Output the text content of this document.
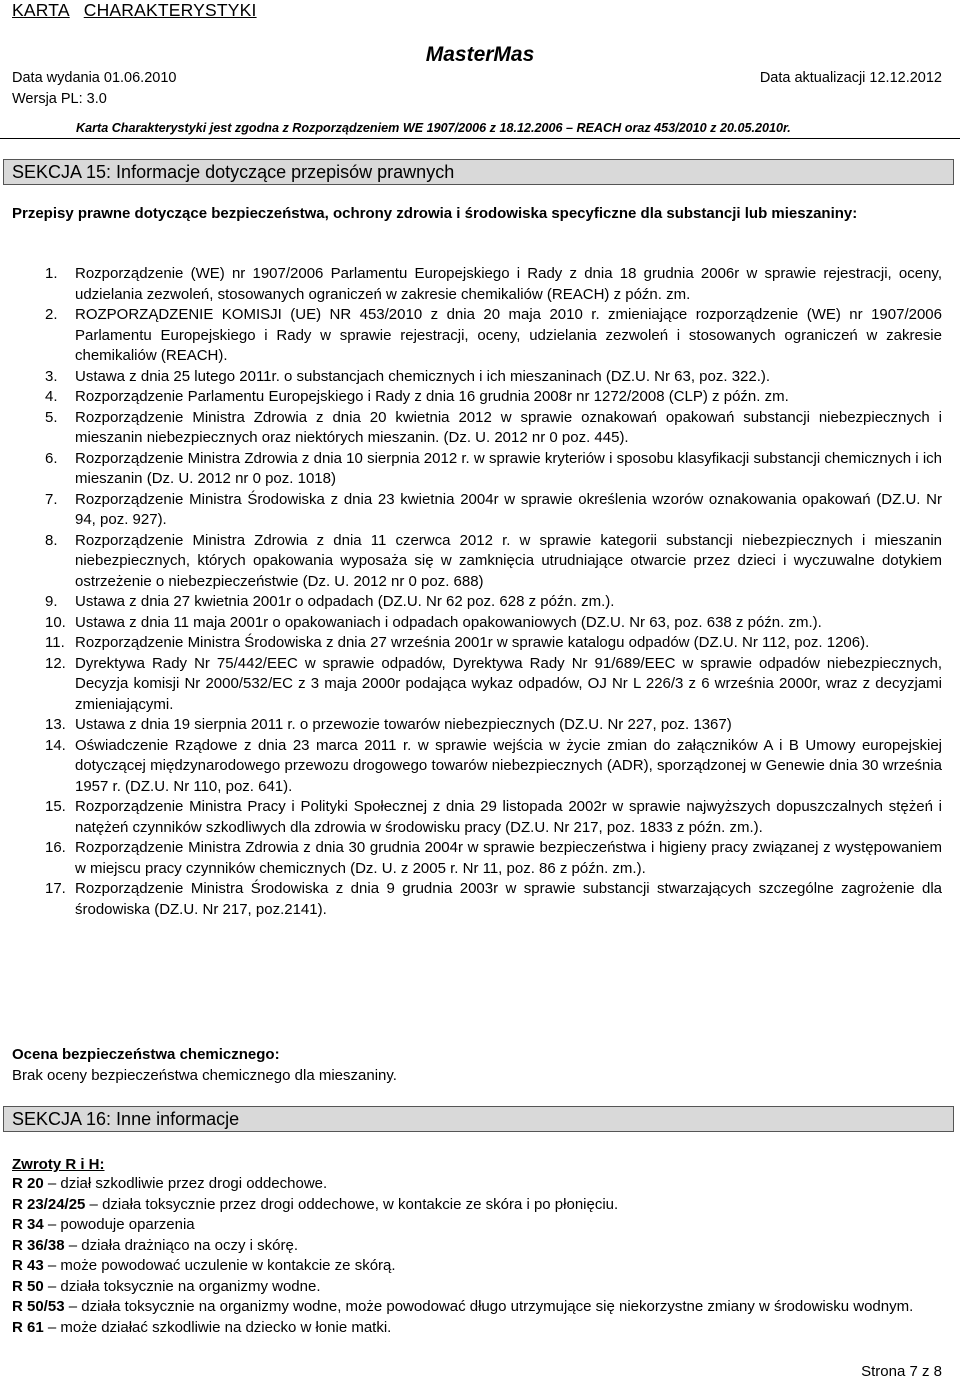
KARTA CHARAKTERYSTYKI
MasterMas
Data wydania 01.06.2010	Data aktualizacji 12.12.2012
Wersja PL: 3.0
Karta Charakterystyki jest zgodna z Rozporządzeniem WE 1907/2006 z 18.12.2006 – REACH oraz 453/2010 z 20.05.2010r.
SEKCJA 15: Informacje dotyczące przepisów prawnych
Przepisy prawne dotyczące bezpieczeństwa, ochrony zdrowia i środowiska specyficzne dla substancji lub mieszaniny:
1.	Rozporządzenie (WE) nr 1907/2006 Parlamentu Europejskiego i Rady z dnia 18 grudnia 2006r w sprawie rejestracji, oceny, udzielania zezwoleń, stosowanych ograniczeń w zakresie chemikaliów (REACH) z późn. zm.
2.	ROZPORZĄDZENIE KOMISJI (UE) NR 453/2010 z dnia 20 maja 2010 r. zmieniające rozporządzenie (WE) nr 1907/2006 Parlamentu Europejskiego i Rady w sprawie rejestracji, oceny, udzielania zezwoleń i stosowanych ograniczeń w zakresie chemikaliów (REACH).
3.	Ustawa z dnia 25 lutego 2011r. o substancjach chemicznych i ich mieszaninach (DZ.U. Nr 63, poz. 322.).
4.	Rozporządzenie Parlamentu Europejskiego i Rady z dnia 16 grudnia 2008r nr 1272/2008 (CLP) z późn. zm.
5.	Rozporządzenie Ministra Zdrowia z dnia 20 kwietnia 2012 w sprawie oznakowań opakowań substancji niebezpiecznych i mieszanin niebezpiecznych oraz niektórych mieszanin. (Dz. U. 2012 nr 0 poz. 445).
6.	Rozporządzenie Ministra Zdrowia z dnia 10 sierpnia 2012 r. w sprawie kryteriów i sposobu klasyfikacji substancji chemicznych i ich mieszanin (Dz. U. 2012 nr 0 poz. 1018)
7.	Rozporządzenie Ministra Środowiska z dnia 23 kwietnia 2004r w sprawie określenia wzorów oznakowania opakowań (DZ.U. Nr 94, poz. 927).
8.	Rozporządzenie Ministra Zdrowia z dnia 11 czerwca 2012 r. w sprawie kategorii substancji niebezpiecznych i mieszanin niebezpiecznych, których opakowania wyposaża się w zamknięcia utrudniające otwarcie przez dzieci i wyczuwalne dotykiem ostrzeżenie o niebezpieczeństwie (Dz. U. 2012 nr 0 poz. 688)
9.	Ustawa z dnia 27 kwietnia 2001r o odpadach (DZ.U. Nr 62 poz. 628 z późn. zm.).
10. Ustawa z dnia 11 maja 2001r o opakowaniach i odpadach opakowaniowych (DZ.U. Nr 63, poz. 638 z późn. zm.).
11. Rozporządzenie Ministra Środowiska z dnia 27 września 2001r w sprawie katalogu odpadów (DZ.U. Nr 112, poz. 1206).
12. Dyrektywa Rady Nr 75/442/EEC w sprawie odpadów, Dyrektywa Rady Nr 91/689/EEC w sprawie odpadów niebezpiecznych, Decyzja komisji Nr 2000/532/EC z 3 maja 2000r podająca wykaz odpadów, OJ Nr L 226/3 z 6 września 2000r, wraz z decyzjami zmieniającymi.
13. Ustawa z dnia 19 sierpnia 2011 r. o przewozie towarów niebezpiecznych (DZ.U. Nr 227, poz. 1367)
14. Oświadczenie Rządowe z dnia 23 marca 2011 r. w sprawie wejścia w życie zmian do załączników A i B Umowy europejskiej dotyczącej międzynarodowego przewozu drogowego towarów niebezpiecznych (ADR), sporządzonej w Genewie dnia 30 września 1957 r. (DZ.U. Nr 110, poz. 641).
15. Rozporządzenie Ministra Pracy i Polityki Społecznej z dnia 29 listopada 2002r w sprawie najwyższych dopuszczalnych stężeń i natężeń czynników szkodliwych dla zdrowia w środowisku pracy (DZ.U. Nr 217, poz. 1833 z późn. zm.).
16. Rozporządzenie Ministra Zdrowia z dnia 30 grudnia 2004r w sprawie bezpieczeństwa i higieny pracy związanej z występowaniem w miejscu pracy czynników chemicznych (Dz. U. z 2005 r. Nr 11, poz. 86 z późn. zm.).
17. Rozporządzenie Ministra Środowiska z dnia 9 grudnia 2003r w sprawie substancji stwarzających szczególne zagrożenie dla środowiska (DZ.U. Nr 217, poz.2141).
Ocena bezpieczeństwa chemicznego:
Brak oceny bezpieczeństwa chemicznego dla mieszaniny.
SEKCJA 16: Inne informacje
Zwroty R i H:
R 20 – dział szkodliwie przez drogi oddechowe.
R 23/24/25 – działa toksycznie przez drogi oddechowe, w kontakcie ze skóra i po płonięciu.
R 34 – powoduje oparzenia
R 36/38 – działa drażniąco na oczy i skórę.
R 43 – może powodować uczulenie w kontakcie ze skórą.
R 50 – działa toksycznie na organizmy wodne.
R 50/53 – działa toksycznie na organizmy wodne, może powodować długo utrzymujące się niekorzystne zmiany w środowisku wodnym.
R 61 – może działać szkodliwie na dziecko w łonie matki.
Strona 7 z 8
